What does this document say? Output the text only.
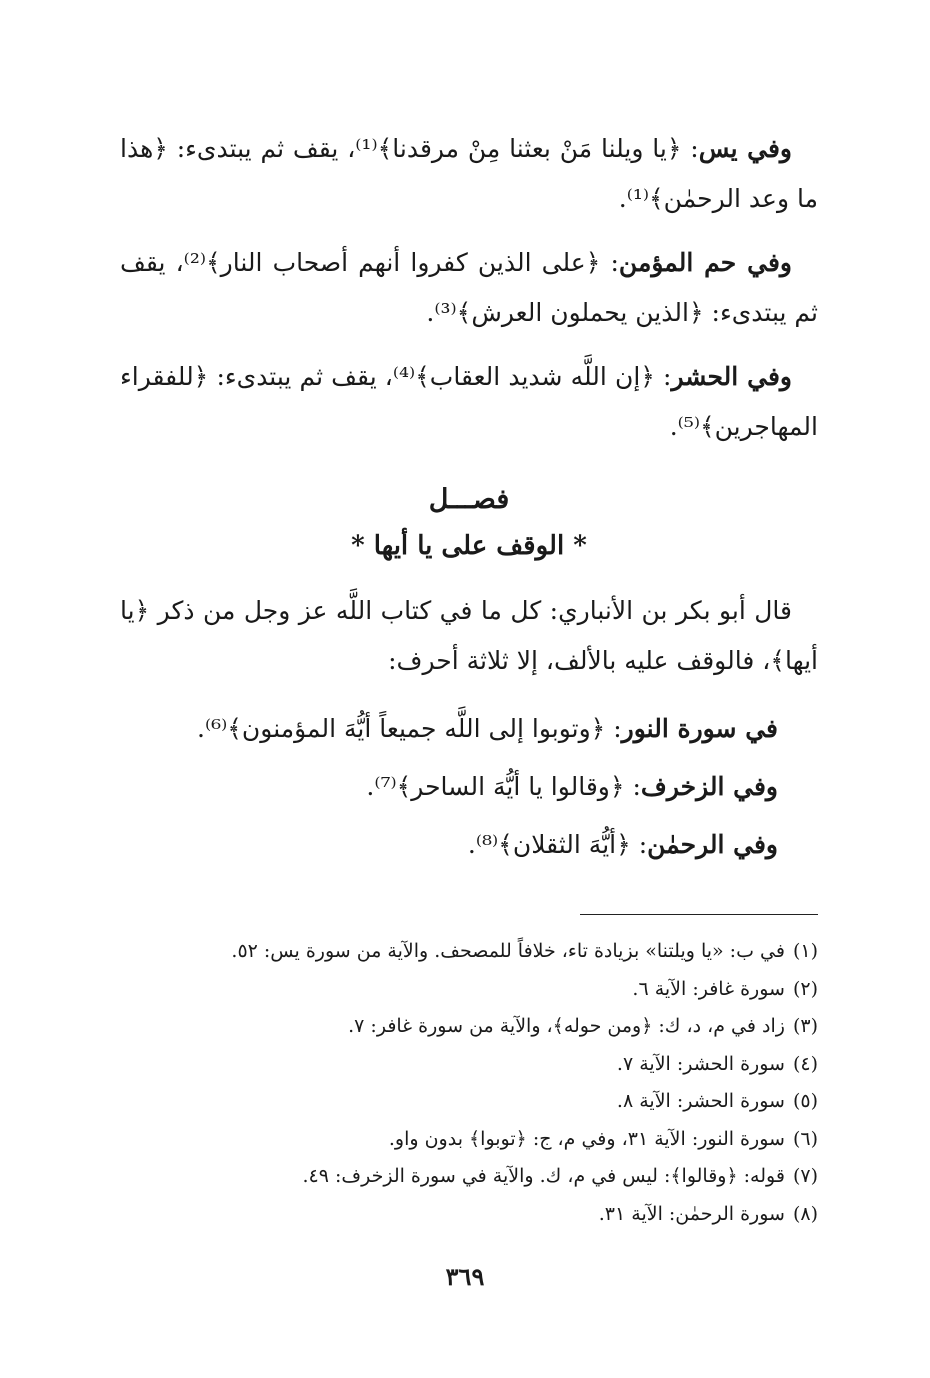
وفي يس: ﴿يا ويلنا مَنْ بعثنا مِنْ مرقدنا﴾⁽¹⁾، يقف ثم يبتدىء: ﴿هذا ما وعد الرحمٰن﴾⁽¹⁾.

وفي حم المؤمن: ﴿على الذين كفروا أنهم أصحاب النار﴾⁽²⁾، يقف ثم يبتدىء: ﴿الذين يحملون العرش﴾⁽³⁾.

وفي الحشر: ﴿إن اللَّه شديد العقاب﴾⁽⁴⁾، يقف ثم يبتدىء: ﴿للفقراء المهاجرين﴾⁽⁵⁾.

فصـــل
* الوقف على يا أيها *

قال أبو بكر بن الأنباري: كل ما في كتاب اللَّه عز وجل من ذكر ﴿يا أيها﴾، فالوقف عليه بالألف، إلا ثلاثة أحرف:

في سورة النور: ﴿وتوبوا إلى اللَّه جميعاً أيُّهَ المؤمنون﴾⁽⁶⁾.
وفي الزخرف: ﴿وقالوا يا أيُّهَ الساحر﴾⁽⁷⁾.
وفي الرحمٰن: ﴿أيُّهَ الثقلان﴾⁽⁸⁾.
(١)في ب: «يا ويلتنا» بزيادة تاء، خلافاً للمصحف. والآية من سورة يس: ٥٢.
(٢)سورة غافر: الآية ٦.
(٣)زاد في م، د، ك: ﴿ومن حوله﴾، والآية من سورة غافر: ٧.
(٤)سورة الحشر: الآية ٧.
(٥)سورة الحشر: الآية ٨.
(٦)سورة النور: الآية ٣١، وفي م، ج: ﴿توبوا﴾ بدون واو.
(٧)قوله: ﴿وقالوا﴾: ليس في م، ك. والآية في سورة الزخرف: ٤٩.
(٨)سورة الرحمٰن: الآية ٣١.
٣٦٩
